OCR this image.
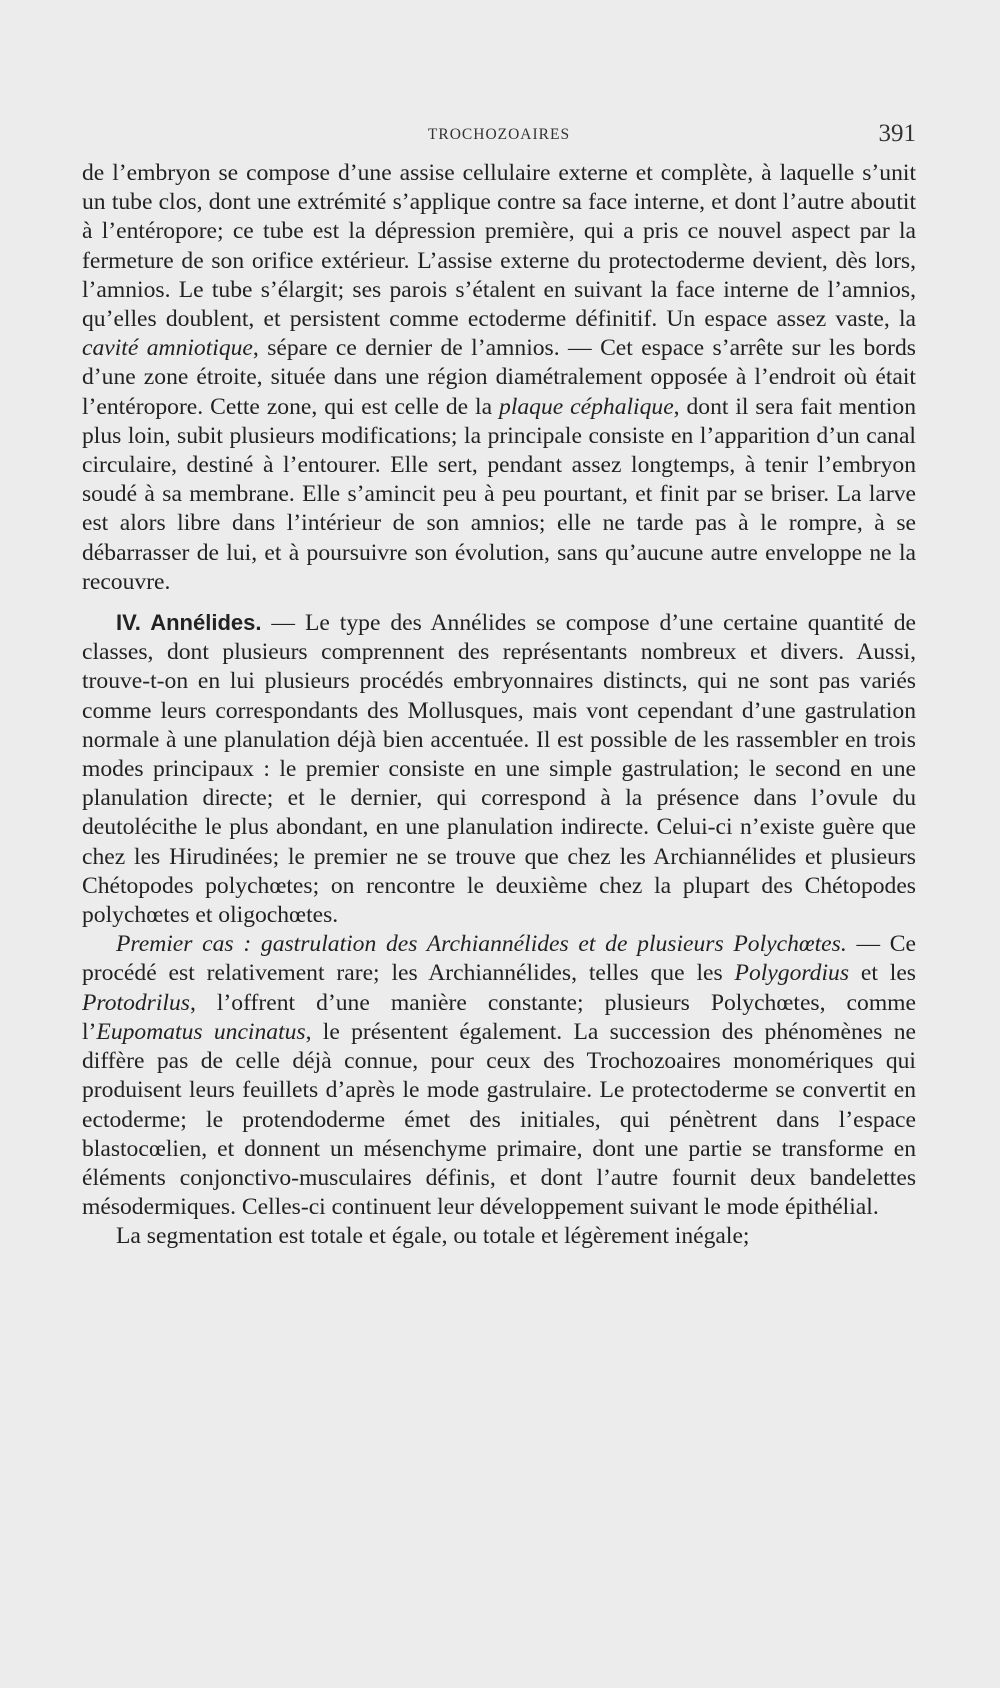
TROCHOZOAIRES	391

de l’embryon se compose d’une assise cellulaire externe et complète, à laquelle s’unit un tube clos, dont une extrémité s’applique contre sa face interne, et dont l’autre aboutit à l’entéropore; ce tube est la dépression première, qui a pris ce nouvel aspect par la fermeture de son orifice extérieur. L’assise externe du protectoderme devient, dès lors, l’amnios. Le tube s’élargit; ses parois s’étalent en suivant la face interne de l’amnios, qu’elles doublent, et persistent comme ectoderme définitif. Un espace assez vaste, la cavité amniotique, sépare ce dernier de l’amnios. — Cet espace s’arrête sur les bords d’une zone étroite, située dans une région diamétralement opposée à l’endroit où était l’entéropore. Cette zone, qui est celle de la plaque céphalique, dont il sera fait mention plus loin, subit plusieurs modifications; la principale consiste en l’apparition d’un canal circulaire, destiné à l’entourer. Elle sert, pendant assez longtemps, à tenir l’embryon soudé à sa membrane. Elle s’amincit peu à peu pourtant, et finit par se briser. La larve est alors libre dans l’intérieur de son amnios; elle ne tarde pas à le rompre, à se débarrasser de lui, et à poursuivre son évolution, sans qu’aucune autre enveloppe ne la recouvre.

IV. Annélides. — Le type des Annélides se compose d’une certaine quantité de classes, dont plusieurs comprennent des représentants nombreux et divers. Aussi, trouve-t-on en lui plusieurs procédés embryonnaires distincts, qui ne sont pas variés comme leurs correspondants des Mollusques, mais vont cependant d’une gastrulation normale à une planulation déjà bien accentuée. Il est possible de les rassembler en trois modes principaux : le premier consiste en une simple gastrulation; le second en une planulation directe; et le dernier, qui correspond à la présence dans l’ovule du deutolécithe le plus abondant, en une planulation indirecte. Celui-ci n’existe guère que chez les Hirudinées; le premier ne se trouve que chez les Archiannélides et plusieurs Chétopodes polychœtes; on rencontre le deuxième chez la plupart des Chétopodes polychœtes et oligochœtes.

Premier cas : gastrulation des Archiannélides et de plusieurs Polychœtes. — Ce procédé est relativement rare; les Archiannélides, telles que les Polygordius et les Protodrilus, l’offrent d’une manière constante; plusieurs Polychœtes, comme l’Eupomatus uncinatus, le présentent également. La succession des phénomènes ne diffère pas de celle déjà connue, pour ceux des Trochozoaires monomériques qui produisent leurs feuillets d’après le mode gastrulaire. Le protectoderme se convertit en ectoderme; le protendoderme émet des initiales, qui pénètrent dans l’espace blastocœlien, et donnent un mésenchyme primaire, dont une partie se transforme en éléments conjonctivo-musculaires définis, et dont l’autre fournit deux bandelettes mésodermiques. Celles-ci continuent leur développement suivant le mode épithélial.

La segmentation est totale et égale, ou totale et légèrement inégale;
